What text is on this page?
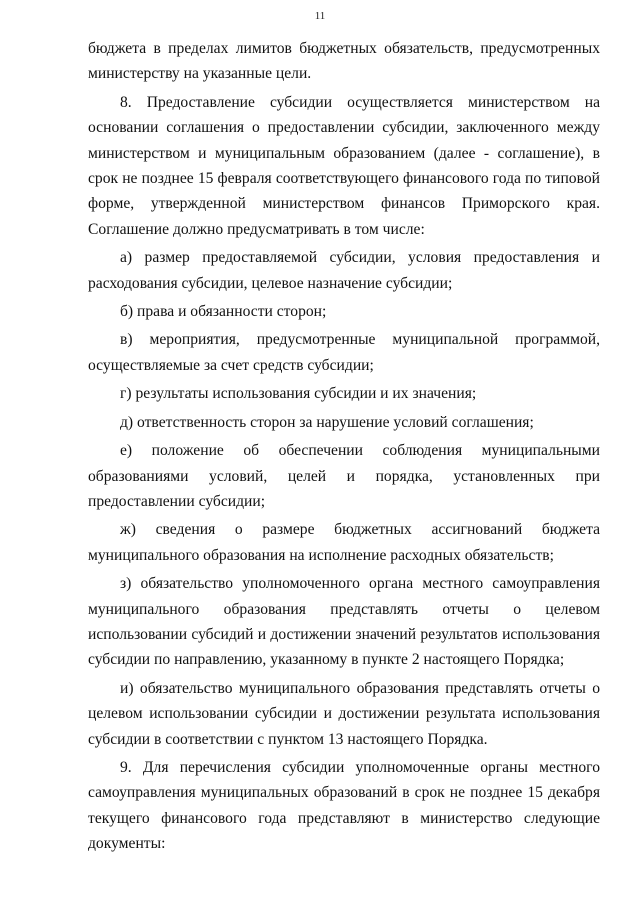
11

бюджета в пределах лимитов бюджетных обязательств, предусмотренных министерству на указанные цели.

8. Предоставление субсидии осуществляется министерством на основании соглашения о предоставлении субсидии, заключенного между министерством и муниципальным образованием (далее - соглашение), в срок не позднее 15 февраля соответствующего финансового года по типовой форме, утвержденной министерством финансов Приморского края. Соглашение должно предусматривать в том числе:

а) размер предоставляемой субсидии, условия предоставления и расходования субсидии, целевое назначение субсидии;

б) права и обязанности сторон;

в) мероприятия, предусмотренные муниципальной программой, осуществляемые за счет средств субсидии;

г) результаты использования субсидии и их значения;

д) ответственность сторон за нарушение условий соглашения;

е) положение об обеспечении соблюдения муниципальными образованиями условий, целей и порядка, установленных при предоставлении субсидии;

ж) сведения о размере бюджетных ассигнований бюджета муниципального образования на исполнение расходных обязательств;

з) обязательство уполномоченного органа местного самоуправления муниципального образования представлять отчеты о целевом использовании субсидий и достижении значений результатов использования субсидии по направлению, указанному в пункте 2 настоящего Порядка;

и) обязательство муниципального образования представлять отчеты о целевом использовании субсидии и достижении результата использования субсидии в соответствии с пунктом 13 настоящего Порядка.

9. Для перечисления субсидии уполномоченные органы местного самоуправления муниципальных образований в срок не позднее 15 декабря текущего финансового года представляют в министерство следующие документы:
